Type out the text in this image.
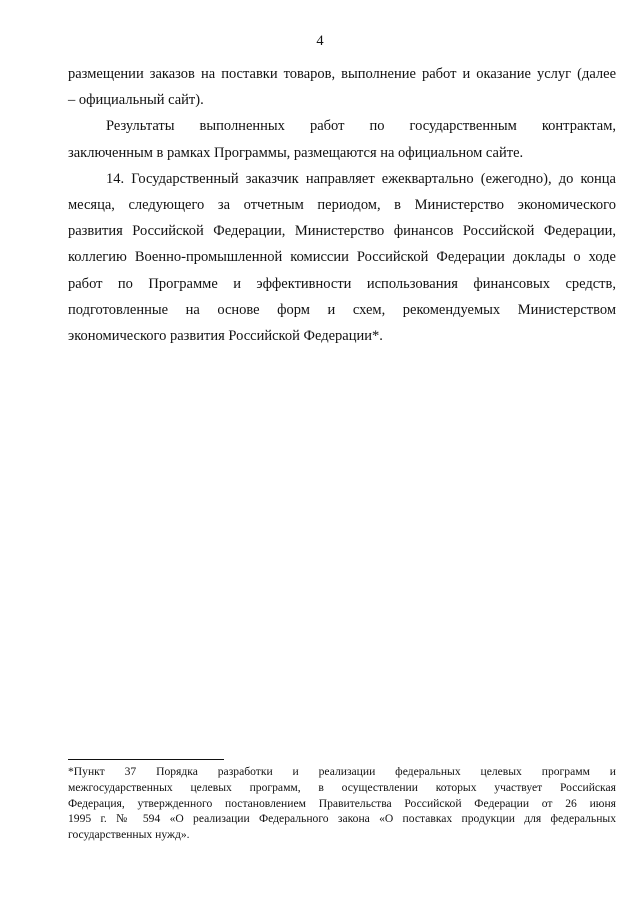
4

размещении заказов на поставки товаров, выполнение работ и оказание услуг (далее
– официальный сайт).

Результаты выполненных работ по государственным контрактам,
заключенным в рамках Программы, размещаются на официальном сайте.

14. Государственный заказчик направляет ежеквартально (ежегодно), до конца
месяца, следующего за отчетным периодом, в Министерство экономического
развития Российской Федерации, Министерство финансов Российской Федерации,
коллегию Военно-промышленной комиссии Российской Федерации доклады о ходе
работ по Программе и эффективности использования финансовых средств,
подготовленные на основе форм и схем, рекомендуемых Министерством
экономического развития Российской Федерации*.

*Пункт 37 Порядка разработки и реализации федеральных целевых программ и
межгосударственных целевых программ, в осуществлении которых участвует Российская
Федерация, утвержденного постановлением Правительства Российской Федерации от 26 июня
1995 г. № 594 «О реализации Федерального закона «О поставках продукции для федеральных
государственных нужд».
